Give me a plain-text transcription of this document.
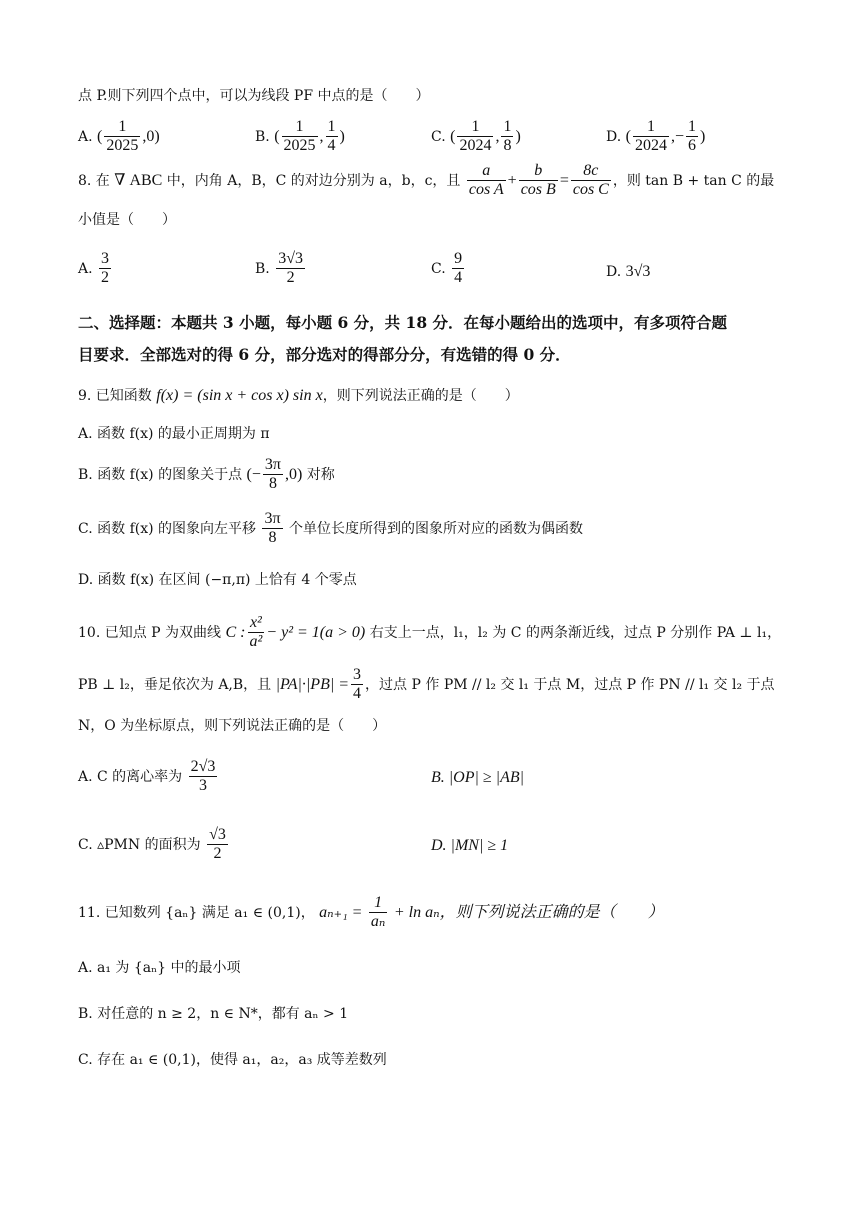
点 P.则下列四个点中，可以为线段 PF 中点的是（　　）
A. ( $\frac{1}{2025} ,0$)	B. ( $\frac{1}{2025}$ , $\frac{1}{4}$ )	C. ( $\frac{1}{2024}$ , $\frac{1}{8}$ )	D. ( $\frac{1}{2024}$ ,− $\frac{1}{6}$ )
8. 在 ∇ ABC 中，内角 A，B，C 的对边分别为 a，b，c，且 $\frac{a}{\text{cos A}} + \frac{b}{\text{cos B}} = \frac{8c}{\text{cos C}}$ ，则 tan B + tan C 的最
小值是（　　）
A. $\frac{3}{2}$	B. $\frac{3√3}{2}$	C. $\frac{9}{4}$	D. 3√3
二、选择题：本题共 3 小题，每小题 6 分，共 18 分．在每小题给出的选项中，有多项符合题
目要求．全部选对的得 6 分，部分选对的得部分分，有选错的得 0 分．
9. 已知函数 f(x) = (sin x + cos x) sin x，则下列说法正确的是（　　）
A. 函数 f(x) 的最小正周期为 π
B. 函数 f(x) 的图象关于点 (− $\frac{3\pi}{8} ,0$) 对称
C. 函数 f(x) 的图象向左平移 $\frac{3\pi}{8}$ 个单位长度所得到的图象所对应的函数为偶函数
D. 函数 f(x) 在区间 (−π,π) 上恰有 4 个零点
10. 已知点 P 为双曲线 C : $\frac{\text{x²}}{\text{a²}} - y^2 = 1(a > 0)$ 右支上一点，l₁，l₂ 为 C 的两条渐近线，过点 P 分别作 PA ⊥ l₁，
PB ⊥ l₂，垂足依次为 A,B，且 $|PA|\cdot|PB| = \frac{3}{4}$ ，过点 P 作 PM // l₂ 交 l₁ 于点 M，过点 P 作 PN // l₁ 交 l₂ 于点
N，O 为坐标原点，则下列说法正确的是（　　）
A. C 的离心率为 $\frac{2√3}{3}$	B. |OP| ≥ |AB|
C. ▵PMN 的面积为 $\frac{√3}{2}$	D. |MN| ≥ 1
11. 已知数列 {aₙ} 满足 a₁ ∈ (0,1)， $a_{n+1} = \frac{1}{\text{aₙ}} + \ln a_n$，则下列说法正确的是（　　）
A. a₁ 为 {aₙ} 中的最小项
B. 对任意的 n ≥ 2，n ∈ N*，都有 aₙ > 1
C. 存在 a₁ ∈ (0,1)，使得 a₁，a₂，a₃ 成等差数列
